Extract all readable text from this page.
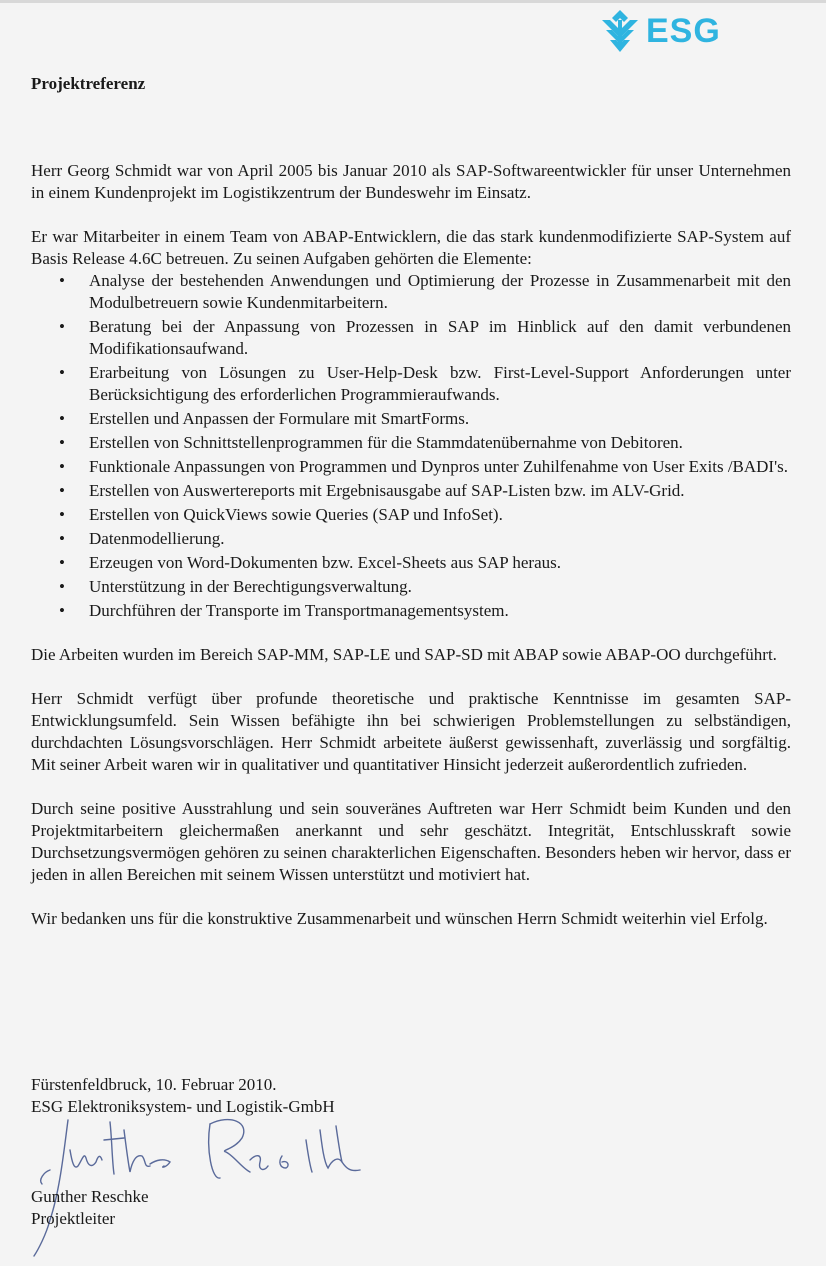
ESG
Projektreferenz

Herr Georg Schmidt war von April 2005 bis Januar 2010 als SAP-Softwareentwickler für unser Unternehmen in einem Kundenprojekt im Logistikzentrum der Bundeswehr im Einsatz.

Er war Mitarbeiter in einem Team von ABAP-Entwicklern, die das stark kundenmodifizierte SAP-System auf Basis Release 4.6C betreuen. Zu seinen Aufgaben gehörten die Elemente:

• Analyse der bestehenden Anwendungen und Optimierung der Prozesse in Zusammenarbeit mit den Modulbetreuern sowie Kundenmitarbeitern.
• Beratung bei der Anpassung von Prozessen in SAP im Hinblick auf den damit verbundenen Modifikationsaufwand.
• Erarbeitung von Lösungen zu User-Help-Desk bzw. First-Level-Support Anforderungen unter Berücksichtigung des erforderlichen Programmieraufwands.
• Erstellen und Anpassen der Formulare mit SmartForms.
• Erstellen von Schnittstellenprogrammen für die Stammdatenübernahme von Debitoren.
• Funktionale Anpassungen von Programmen und Dynpros unter Zuhilfenahme von User Exits /BADI's.
• Erstellen von Auswertereports mit Ergebnisausgabe auf SAP-Listen bzw. im ALV-Grid.
• Erstellen von QuickViews sowie Queries (SAP und InfoSet).
• Datenmodellierung.
• Erzeugen von Word-Dokumenten bzw. Excel-Sheets aus SAP heraus.
• Unterstützung in der Berechtigungsverwaltung.
• Durchführen der Transporte im Transportmanagementsystem.

Die Arbeiten wurden im Bereich SAP-MM, SAP-LE und SAP-SD mit ABAP sowie ABAP-OO durchgeführt.

Herr Schmidt verfügt über profunde theoretische und praktische Kenntnisse im gesamten SAP-Entwicklungsumfeld. Sein Wissen befähigte ihn bei schwierigen Problemstellungen zu selbständigen, durchdachten Lösungsvorschlägen. Herr Schmidt arbeitete äußerst gewissenhaft, zuverlässig und sorgfältig. Mit seiner Arbeit waren wir in qualitativer und quantitativer Hinsicht jederzeit außerordentlich zufrieden.

Durch seine positive Ausstrahlung und sein souveränes Auftreten war Herr Schmidt beim Kunden und den Projektmitarbeitern gleichermaßen anerkannt und sehr geschätzt. Integrität, Entschlusskraft sowie Durchsetzungsvermögen gehören zu seinen charakterlichen Eigenschaften. Besonders heben wir hervor, dass er jeden in allen Bereichen mit seinem Wissen unterstützt und motiviert hat.

Wir bedanken uns für die konstruktive Zusammenarbeit und wünschen Herrn Schmidt weiterhin viel Erfolg.

Fürstenfeldbruck, 10. Februar 2010.
ESG Elektroniksystem- und Logistik-GmbH
Gunther Reschke
Projektleiter
